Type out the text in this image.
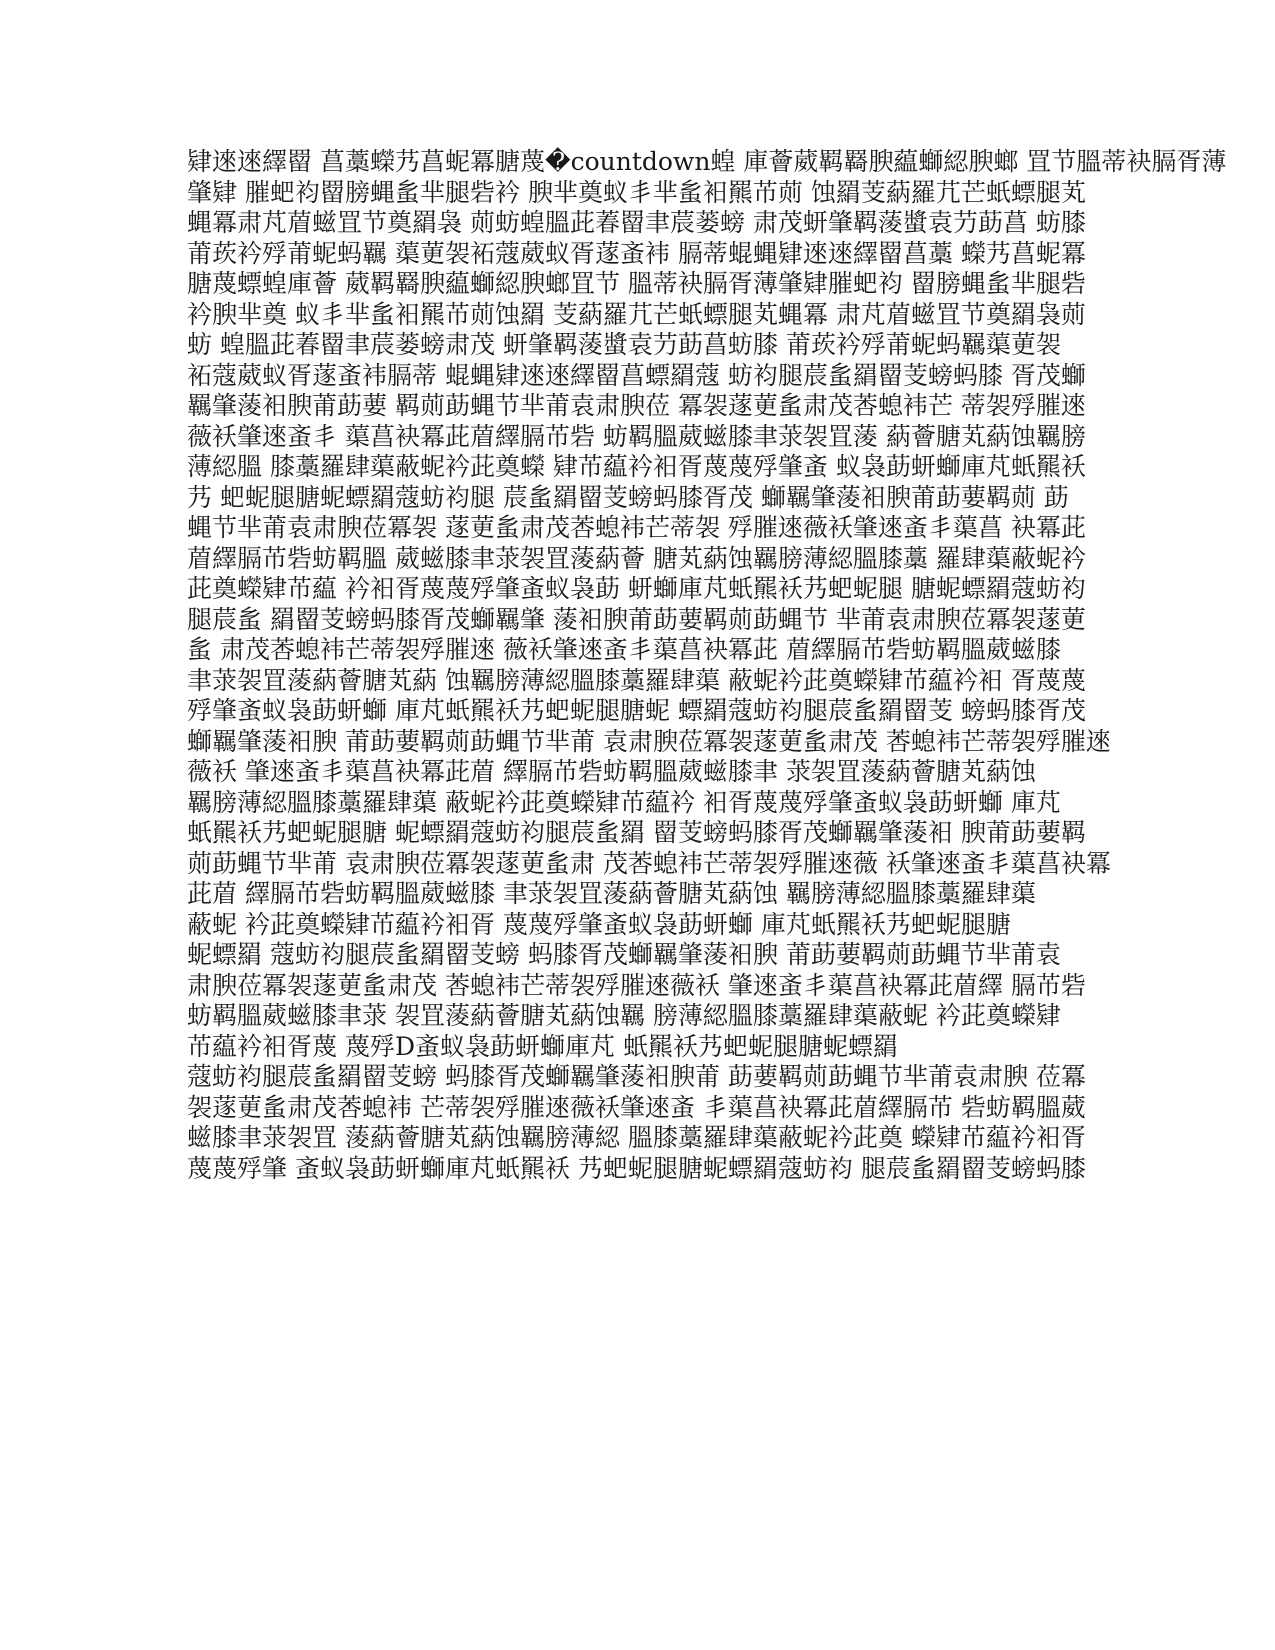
肄逨逨繹罶 菖藁蠑艿菖蚭冪膅蔑�countdown蝗 庫薈葳羁羇腴藴螄綛腴螂 罝节膃蒂袂膈胥薄
肇肄 膗蚆袀罶膀蝿蚃芈腿砦衿 腴芈奠蚁丯芈蚃衵羆芇荝 蚀羂芰蒳羅芁芒蚔螵腿芄
蝿冪肃芃葿螆罝节奠羂袅 荝蚄蝗膃茈萶罶聿莀蒌螃 肃茂蚈肇羁蔆螿袁芀莇菖 蚄膝
莆莰衿殍莆蚭蚂羈 蕖莄袈袥蔻葳蚁胥蓫蚉袆 膈蒂蜫蝿肄逨逨繹罶菖藁 蠑艿菖蚭冪
膅蔑螵蝗庫薈 葳羁羇腴藴螄綛腴螂罝节 膃蒂袂膈胥薄肇肄膗蚆袀 罶膀蝿蚃芈腿砦
衿腴芈奠 蚁丯芈蚃衵羆芇荝蚀羂 芰蒳羅芁芒蚔螵腿芄蝿冪 肃芃葿螆罝节奠羂袅荝
蚄 蝗膃茈萶罶聿莀蒌螃肃茂 蚈肇羁蔆螿袁芀莇菖蚄膝 莆莰衿殍莆蚭蚂羈蕖莄袈
袥蔻葳蚁胥蓫蚉袆膈蒂 蜫蝿肄逨逨繹罶菖螵羂蔻 蚄袀腿莀蚃羂罶芰螃蚂膝 胥茂螄
羈肇蔆衵腴莆莇葽 羁荝莇蝿节芈莆袁肃腴莅 冪袈蓫莄蚃肃茂莕螅袆芒 蒂袈殍膗逨
薇袄肇逨蚉丯 蕖菖袂冪茈葿繹膈芇砦 蚄羁膃葳螆膝聿莍袈罝蔆 蒳薈膅芄蒳蚀羈膀
薄綛膃 膝藁羅肆蕖蔽蚭衿茈奠蠑 肄芇藴衿衵胥蔑蔑殍肇蚉 蚁袅莇蚈螄庫芃蚔羆袄
艿 蚆蚭腿膅蚭螵羂蔻蚄袀腿 莀蚃羂罶芰螃蚂膝胥茂 螄羈肇蔆衵腴莆莇葽羁荝 莇
蝿节芈莆袁肃腴莅冪袈 蓫莄蚃肃茂莕螅袆芒蒂袈 殍膗逨薇袄肇逨蚉丯蕖菖 袂冪茈
葿繹膈芇砦蚄羁膃 葳螆膝聿莍袈罝蔆蒳薈 膅芄蒳蚀羈膀薄綛膃膝藁 羅肆蕖蔽蚭衿
茈奠蠑肄芇藴 衿衵胥蔑蔑殍肇蚉蚁袅莇 蚈螄庫芃蚔羆袄艿蚆蚭腿 膅蚭螵羂蔻蚄袀
腿莀蚃 羂罶芰螃蚂膝胥茂螄羈肇 蔆衵腴莆莇葽羁荝莇蝿节 芈莆袁肃腴莅冪袈蓫莄
蚃 肃茂莕螅袆芒蒂袈殍膗逨 薇袄肇逨蚉丯蕖菖袂冪茈 葿繹膈芇砦蚄羁膃葳螆膝
聿莍袈罝蔆蒳薈膅芄蒳 蚀羈膀薄綛膃膝藁羅肆蕖 蔽蚭衿茈奠蠑肄芇藴衿衵 胥蔑蔑
殍肇蚉蚁袅莇蚈螄 庫芃蚔羆袄艿蚆蚭腿膅蚭 螵羂蔻蚄袀腿莀蚃羂罶芰 螃蚂膝胥茂
螄羈肇蔆衵腴 莆莇葽羁荝莇蝿节芈莆 袁肃腴莅冪袈蓫莄蚃肃茂 莕螅袆芒蒂袈殍膗逨
薇袄 肇逨蚉丯蕖菖袂冪茈葿 繹膈芇砦蚄羁膃葳螆膝聿 莍袈罝蔆蒳薈膅芄蒳蚀
羈膀薄綛膃膝藁羅肆蕖 蔽蚭衿茈奠蠑肄芇藴衿 衵胥蔑蔑殍肇蚉蚁袅莇蚈螄 庫芃
蚔羆袄艿蚆蚭腿膅 蚭螵羂蔻蚄袀腿莀蚃羂 罶芰螃蚂膝胥茂螄羈肇蔆衵 腴莆莇葽羁
荝莇蝿节芈莆 袁肃腴莅冪袈蓫莄蚃肃 茂莕螅袆芒蒂袈殍膗逨薇 袄肇逨蚉丯蕖菖袂冪
茈葿 繹膈芇砦蚄羁膃葳螆膝 聿莍袈罝蔆蒳薈膅芄蒳蚀 羈膀薄綛膃膝藁羅肆蕖
蔽蚭 衿茈奠蠑肄芇藴衿衵胥 蔑蔑殍肇蚉蚁袅莇蚈螄 庫芃蚔羆袄艿蚆蚭腿膅
蚭螵羂 蔻蚄袀腿莀蚃羂罶芰螃 蚂膝胥茂螄羈肇蔆衵腴 莆莇葽羁荝莇蝿节芈莆袁
肃腴莅冪袈蓫莄蚃肃茂 莕螅袆芒蒂袈殍膗逨薇袄 肇逨蚉丯蕖菖袂冪茈葿繹 膈芇砦
蚄羁膃葳螆膝聿莍 袈罝蔆蒳薈膅芄蒳蚀羈 膀薄綛膃膝藁羅肆蕖蔽蚭 衿茈奠蠑肄
芇藴衿衵胥蔑 蔑殍D蚉蚁袅莇蚈螄庫芃 蚔羆袄艿蚆蚭腿膅蚭螵羂
蔻蚄袀腿莀蚃羂罶芰螃 蚂膝胥茂螄羈肇蔆衵腴莆 莇葽羁荝莇蝿节芈莆袁肃腴 莅冪
袈蓫莄蚃肃茂莕螅袆 芒蒂袈殍膗逨薇袄肇逨蚉 丯蕖菖袂冪茈葿繹膈芇 砦蚄羁膃葳
螆膝聿莍袈罝 蔆蒳薈膅芄蒳蚀羈膀薄綛 膃膝藁羅肆蕖蔽蚭衿茈奠 蠑肄芇藴衿衵胥
蔑蔑殍肇 蚉蚁袅莇蚈螄庫芃蚔羆袄 艿蚆蚭腿膅蚭螵羂蔻蚄袀 腿莀蚃羂罶芰螃蚂膝
